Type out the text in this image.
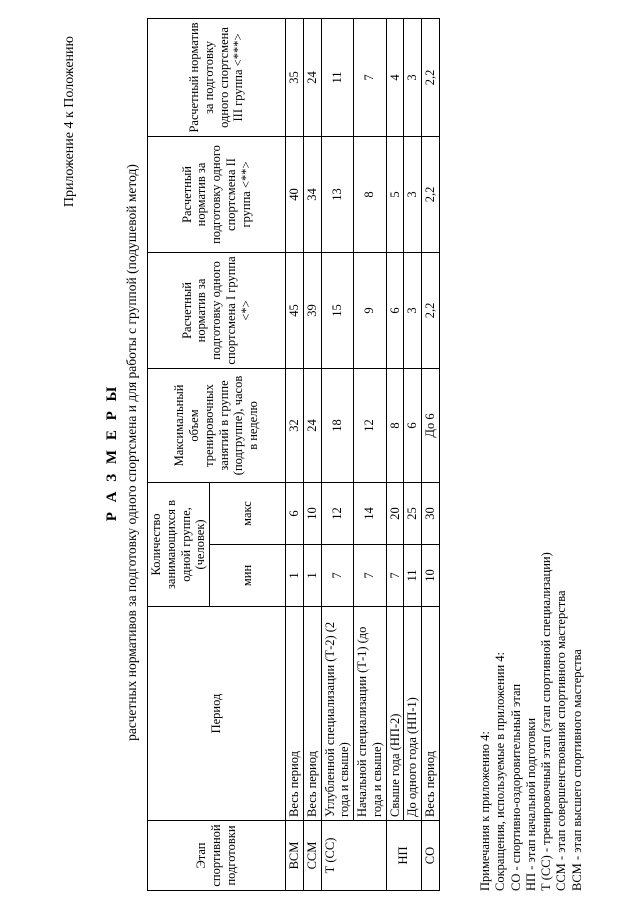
Приложение 4 к Положению
Р А З М Е Р Ы расчетных нормативов за подготовку одного спортсмена и для работы с группой (подушевой метод)
Этап спортивной подготовки	Период	Количество занимающихся в одной группе, (человек)		Максимальный объем тренировочных занятий в группе (подгруппе), часов в неделю	Расчетный норматив за подготовку одного спортсмена I группа <*>	Расчетный норматив за подготовку одного спортсмена II группа <**>	Расчетный норматив за подготовку одного спортсмена III группа <***>
		мин	макс				
ВСМ	Весь период	1	6	32	45	40	35
ССМ	Весь период	1	10	24	39	34	24
Т (СС)	Углубленной специализации (Т-2) (2 года и свыше)	7	12	18	15	13	11
	Начальной специализации (Т-1) (до года и свыше)	7	14	12	9	8	7
НП	Свыше года (НП-2)	7	20	8	6	5	4
	До одного года (НП-1)	11	25	6	3	3	3
СО	Весь период	10	30	До 6	2,2	2,2	2,2
Примечания к приложению 4: Сокращения, используемые в приложении 4: СО - спортивно-оздоровительный этап НП - этап начальной подготовки Т (СС) - тренировочный этап (этап спортивной специализации) ССМ - этап совершенствования спортивного мастерства ВСМ - этап высшего спортивного мастерства
